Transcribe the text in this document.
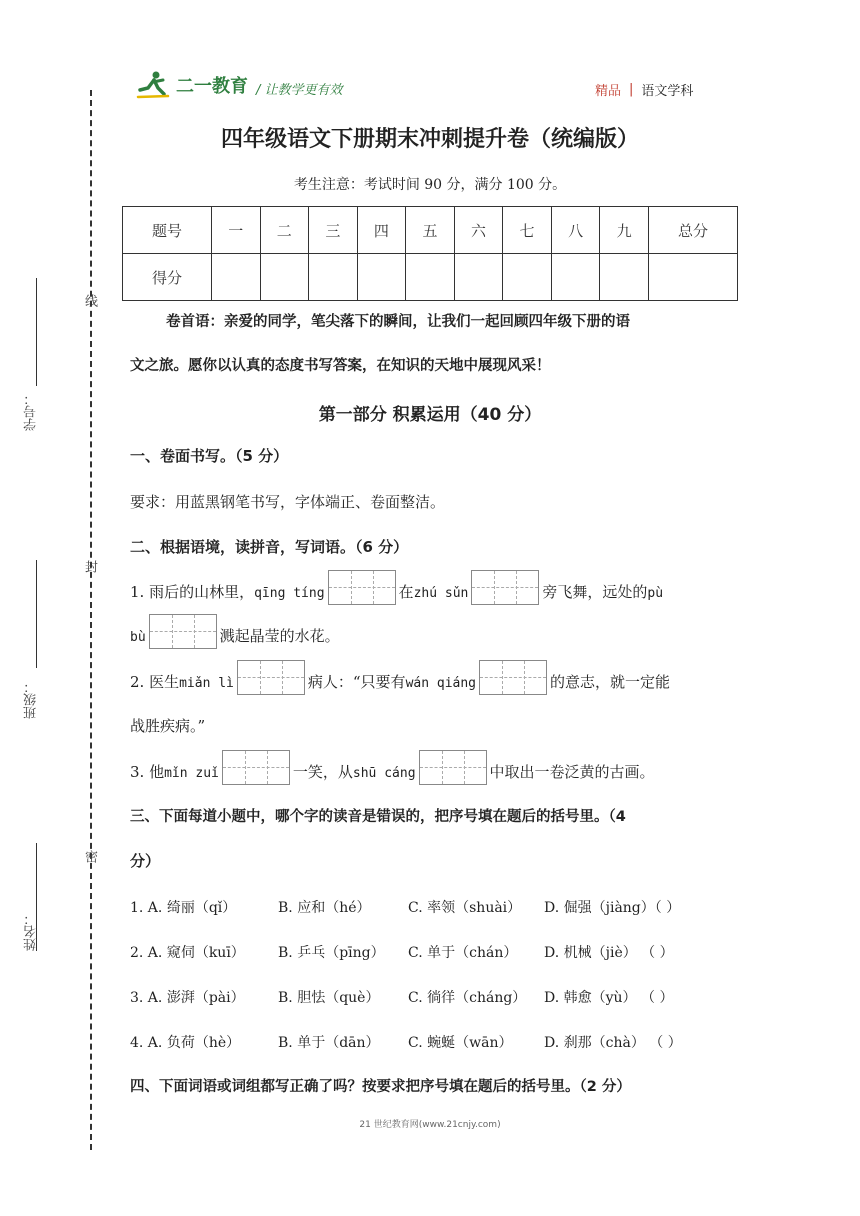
线
封
密
学号：
班级：
姓名：
二一教育 / 让教学更有效	精品 | 语文学科
四年级语文下册期末冲刺提升卷（统编版）
考生注意：考试时间 90 分，满分 100 分。
题号	一	二	三	四	五	六	七	八	九	总分
得分										
卷首语：亲爱的同学，笔尖落下的瞬间，让我们一起回顾四年级下册的语
文之旅。愿你以认真的态度书写答案，在知识的天地中展现风采！
第一部分 积累运用（40 分）
一、卷面书写。（5 分）
要求：用蓝黑钢笔书写，字体端正、卷面整洁。
二、根据语境，读拼音，写词语。（6 分）
1. 雨后的山林里，qīng tíng	在zhú sǔn	旁飞舞，远处的pù
bù	溅起晶莹的水花。
2. 医生miǎn lì	病人：“只要有wán qiáng	的意志，就一定能
战胜疾病。”
3. 他mǐn zuǐ	一笑，从shū cáng	中取出一卷泛黄的古画。
三、下面每道小题中，哪个字的读音是错误的，把序号填在题后的括号里。（4
分）
1. A. 绮丽（qǐ）	B. 应和（hé）	C. 率领（shuài）	D. 倔强（jiàng）（ ）
2. A. 窥伺（kuī）	B. 乒乓（pīng）	C. 单于（chán）	D. 机械（jiè） （ ）
3. A. 澎湃（pài）	B. 胆怯（què）	C. 徜徉（cháng）	D. 韩愈（yù） （ ）
4. A. 负荷（hè）	B. 单于（dān）	C. 蜿蜒（wān）	D. 刹那（chà） （ ）
四、下面词语或词组都写正确了吗？按要求把序号填在题后的括号里。（2 分）
21 世纪教育网(www.21cnjy.com)
